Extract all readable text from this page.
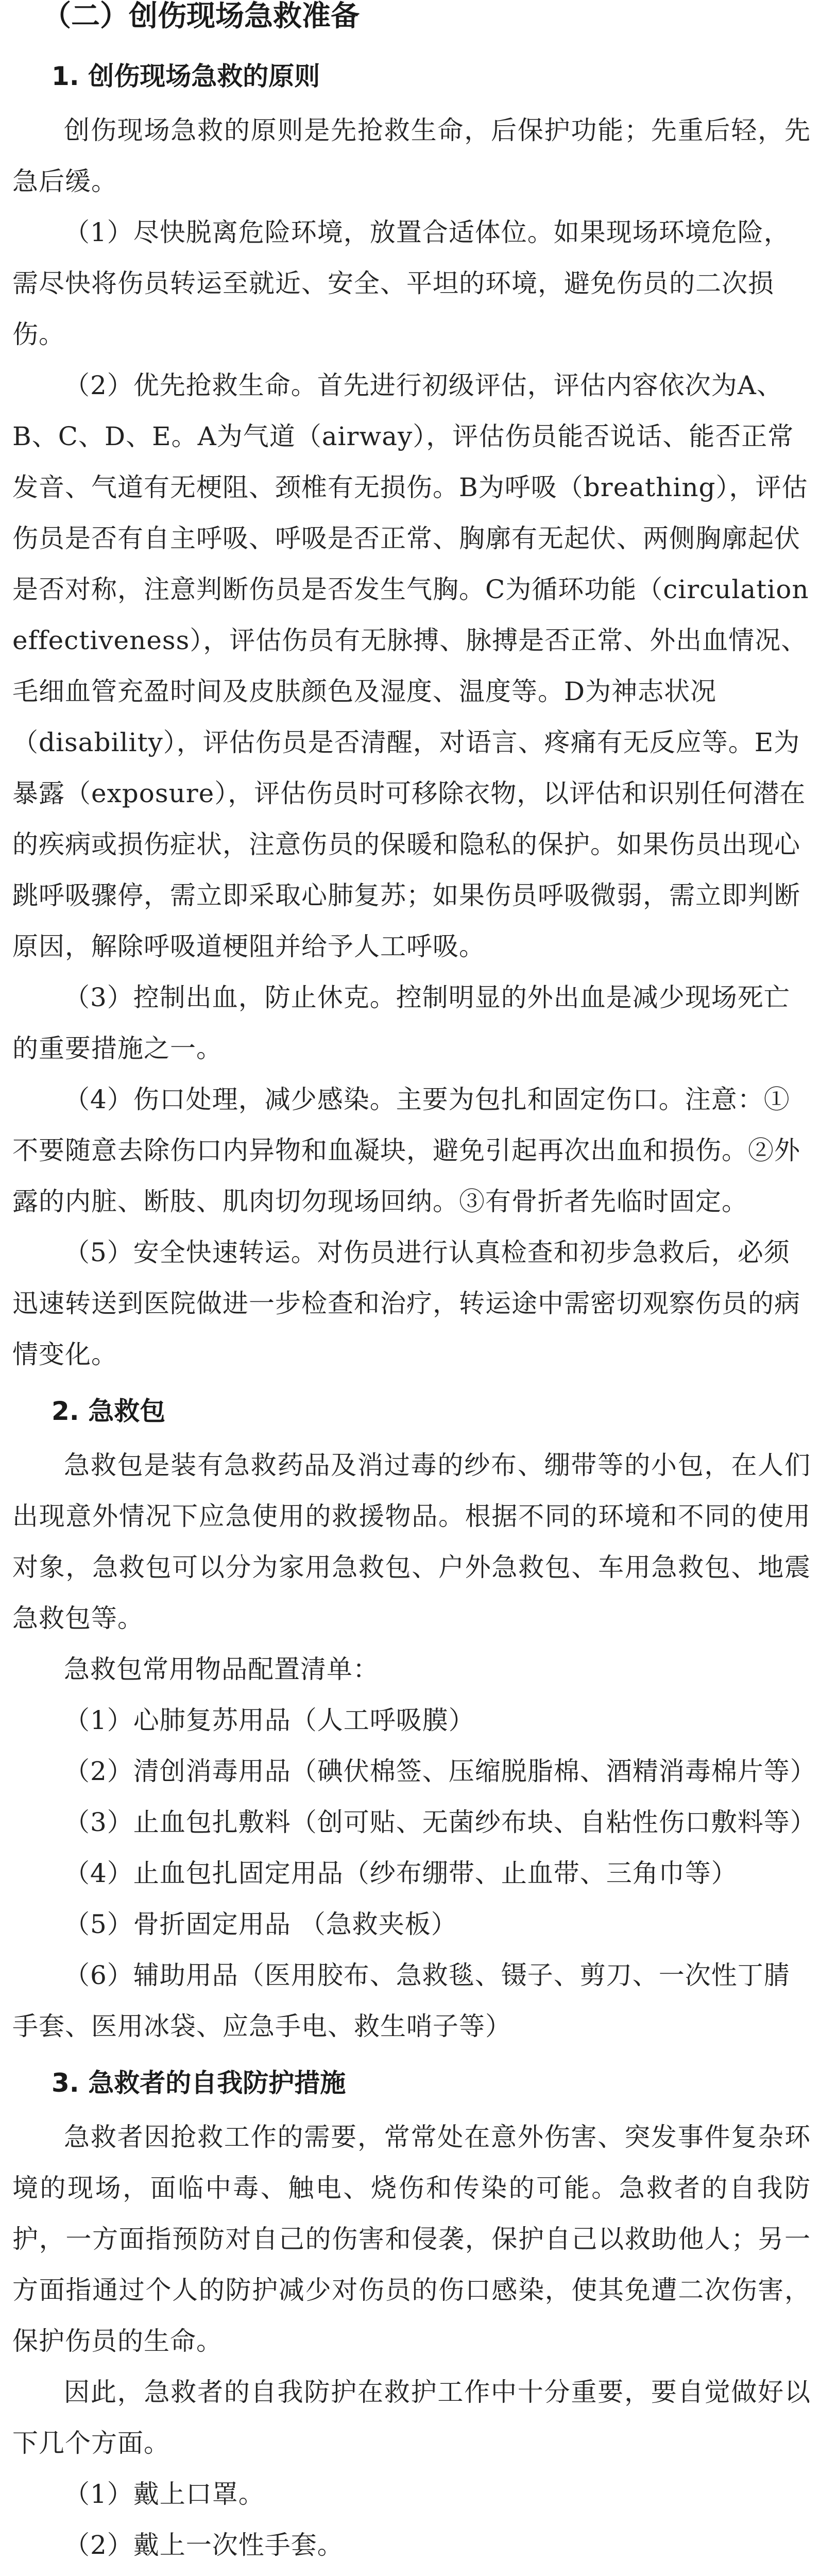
（二）创伤现场急救准备
1. 创伤现场急救的原则

创伤现场急救的原则是先抢救生命，后保护功能；先重后轻，先急后缓。

（1）尽快脱离危险环境，放置合适体位。如果现场环境危险，需尽快将伤员转运至就近、安全、平坦的环境，避免伤员的二次损伤。

（2）优先抢救生命。首先进行初级评估，评估内容依次为A、B、C、D、E。A为气道（airway），评估伤员能否说话、能否正常发音、气道有无梗阻、颈椎有无损伤。B为呼吸（breathing），评估伤员是否有自主呼吸、呼吸是否正常、胸廓有无起伏、两侧胸廓起伏是否对称，注意判断伤员是否发生气胸。C为循环功能（circulation effectiveness），评估伤员有无脉搏、脉搏是否正常、外出血情况、毛细血管充盈时间及皮肤颜色及湿度、温度等。D为神志状况（disability），评估伤员是否清醒，对语言、疼痛有无反应等。E为暴露（exposure），评估伤员时可移除衣物，以评估和识别任何潜在的疾病或损伤症状，注意伤员的保暖和隐私的保护。如果伤员出现心跳呼吸骤停，需立即采取心肺复苏；如果伤员呼吸微弱，需立即判断原因，解除呼吸道梗阻并给予人工呼吸。

（3）控制出血，防止休克。控制明显的外出血是减少现场死亡的重要措施之一。

（4）伤口处理，减少感染。主要为包扎和固定伤口。注意：①不要随意去除伤口内异物和血凝块，避免引起再次出血和损伤。②外露的内脏、断肢、肌肉切勿现场回纳。③有骨折者先临时固定。

（5）安全快速转运。对伤员进行认真检查和初步急救后，必须迅速转送到医院做进一步检查和治疗，转运途中需密切观察伤员的病情变化。

2. 急救包

急救包是装有急救药品及消过毒的纱布、绷带等的小包，在人们出现意外情况下应急使用的救援物品。根据不同的环境和不同的使用对象，急救包可以分为家用急救包、户外急救包、车用急救包、地震急救包等。

急救包常用物品配置清单：

（1）心肺复苏用品（人工呼吸膜）

（2）清创消毒用品（碘伏棉签、压缩脱脂棉、酒精消毒棉片等）

（3）止血包扎敷料（创可贴、无菌纱布块、自粘性伤口敷料等）

（4）止血包扎固定用品（纱布绷带、止血带、三角巾等）

（5）骨折固定用品 （急救夹板）

（6）辅助用品（医用胶布、急救毯、镊子、剪刀、一次性丁腈手套、医用冰袋、应急手电、救生哨子等）

3. 急救者的自我防护措施

急救者因抢救工作的需要，常常处在意外伤害、突发事件复杂环境的现场，面临中毒、触电、烧伤和传染的可能。急救者的自我防护，一方面指预防对自己的伤害和侵袭，保护自己以救助他人；另一方面指通过个人的防护减少对伤员的伤口感染，使其免遭二次伤害，保护伤员的生命。

因此，急救者的自我防护在救护工作中十分重要，要自觉做好以下几个方面。

（1）戴上口罩。

（2）戴上一次性手套。
